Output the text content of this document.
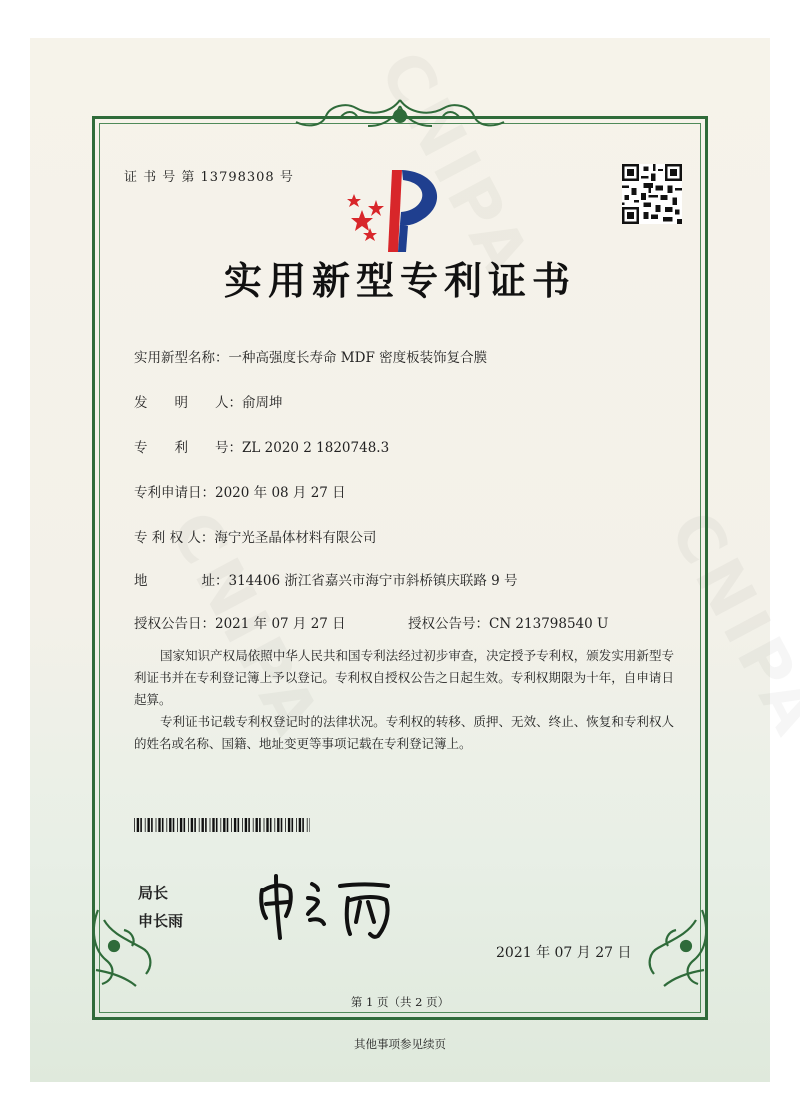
证 书 号 第 13798308 号
实用新型专利证书
实用新型名称：一种高强度长寿命 MDF 密度板装饰复合膜
发　　明　　人：俞周坤
专　　利　　号：ZL 2020 2 1820748.3
专利申请日：2020 年 08 月 27 日
专 利 权 人：海宁光圣晶体材料有限公司
地　　　　址：314406 浙江省嘉兴市海宁市斜桥镇庆联路 9 号
授权公告日：2021 年 07 月 27 日	授权公告号：CN 213798540 U
国家知识产权局依照中华人民共和国专利法经过初步审查，决定授予专利权，颁发实用新型专利证书并在专利登记簿上予以登记。专利权自授权公告之日起生效。专利权期限为十年，自申请日起算。
专利证书记载专利权登记时的法律状况。专利权的转移、质押、无效、终止、恢复和专利权人的姓名或名称、国籍、地址变更等事项记载在专利登记簿上。
局长
申长雨
2021 年 07 月 27 日
第 1 页（共 2 页）
其他事项参见续页
